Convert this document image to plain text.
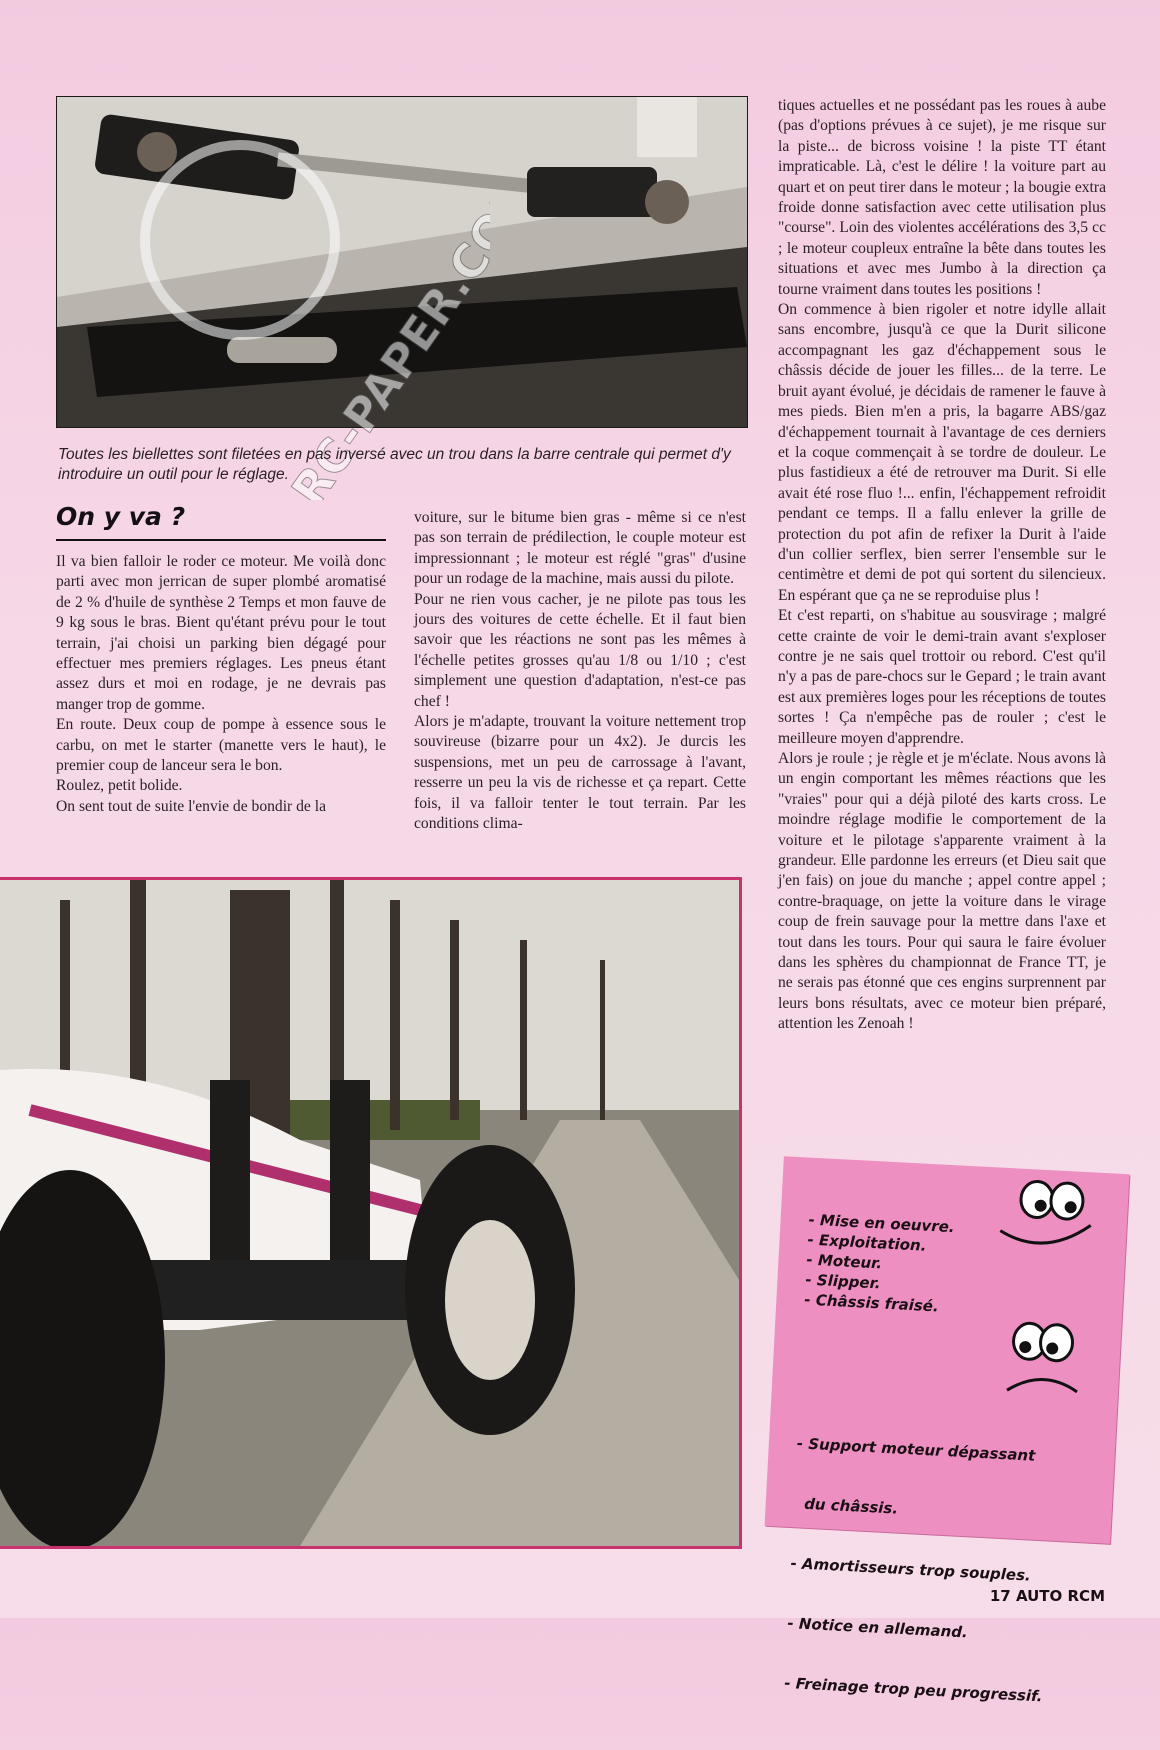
Toutes les biellettes sont filetées en pas inversé avec un trou dans la barre centrale qui permet d'y introduire un outil pour le réglage.
On y va ?

Il va bien falloir le roder ce moteur. Me voilà donc parti avec mon jerrican de super plombé aromatisé de 2 % d'huile de synthèse 2 Temps et mon fauve de 9 kg sous le bras. Bient qu'étant prévu pour le tout terrain, j'ai choisi un parking bien dégagé pour effectuer mes premiers réglages. Les pneus étant assez durs et moi en rodage, je ne devrais pas manger trop de gomme.

En route. Deux coup de pompe à essence sous le carbu, on met le starter (manette vers le haut), le premier coup de lanceur sera le bon.

Roulez, petit bolide.

On sent tout de suite l'envie de bondir de la

voiture, sur le bitume bien gras - même si ce n'est pas son terrain de prédilection, le couple moteur est impressionnant ; le moteur est réglé "gras" d'usine pour un rodage de la machine, mais aussi du pilote.

Pour ne rien vous cacher, je ne pilote pas tous les jours des voitures de cette échelle. Et il faut bien savoir que les réactions ne sont pas les mêmes à l'échelle petites grosses qu'au 1/8 ou 1/10 ; c'est simplement une question d'adaptation, n'est-ce pas chef !

Alors je m'adapte, trouvant la voiture nettement trop souvireuse (bizarre pour un 4x2). Je durcis les suspensions, met un peu de carrossage à l'avant, resserre un peu la vis de richesse et ça repart. Cette fois, il va falloir tenter le tout terrain. Par les conditions clima-

tiques actuelles et ne possédant pas les roues à aube (pas d'options prévues à ce sujet), je me risque sur la piste... de bicross voisine ! la piste TT étant impraticable. Là, c'est le délire ! la voiture part au quart et on peut tirer dans le moteur ; la bougie extra froide donne satisfaction avec cette utilisation plus "course". Loin des violentes accélérations des 3,5 cc ; le moteur coupleux entraîne la bête dans toutes les situations et avec mes Jumbo à la direction ça tourne vraiment dans toutes les positions !

On commence à bien rigoler et notre idylle allait sans encombre, jusqu'à ce que la Durit silicone accompagnant les gaz d'échappement sous le châssis décide de jouer les filles... de la terre. Le bruit ayant évolué, je décidais de ramener le fauve à mes pieds. Bien m'en a pris, la bagarre ABS/gaz d'échappement tournait à l'avantage de ces derniers et la coque commençait à se tordre de douleur. Le plus fastidieux a été de retrouver ma Durit. Si elle avait été rose fluo !... enfin, l'échappement refroidit pendant ce temps. Il a fallu enlever la grille de protection du pot afin de refixer la Durit à l'aide d'un collier serflex, bien serrer l'ensemble sur le centimètre et demi de pot qui sortent du silencieux. En espérant que ça ne se reproduise plus !

Et c'est reparti, on s'habitue au sousvirage ; malgré cette crainte de voir le demi-train avant s'exploser contre je ne sais quel trottoir ou rebord. C'est qu'il n'y a pas de pare-chocs sur le Gepard ; le train avant est aux premières loges pour les réceptions de toutes sortes ! Ça n'empêche pas de rouler ; c'est le meilleure moyen d'apprendre.

Alors je roule ; je règle et je m'éclate. Nous avons là un engin comportant les mêmes réactions que les "vraies" pour qui a déjà piloté des karts cross. Le moindre réglage modifie le comportement de la voiture et le pilotage s'apparente vraiment à la grandeur. Elle pardonne les erreurs (et Dieu sait que j'en fais) on joue du manche ; appel contre appel ; contre-braquage, on jette la voiture dans le virage coup de frein sauvage pour la mettre dans l'axe et tout dans les tours. Pour qui saura le faire évoluer dans les sphères du championnat de France TT, je ne serais pas étonné que ces engins surprennent par leurs bons résultats, avec ce moteur bien préparé, attention les Zenoah !

- Mise en oeuvre.
- Exploitation.
- Moteur.
- Slipper.
- Châssis fraisé.

- Support moteur dépassant

du châssis.

- Amortisseurs trop souples.

- Notice en allemand.

- Freinage trop peu progressif.

17 AUTO RCM
